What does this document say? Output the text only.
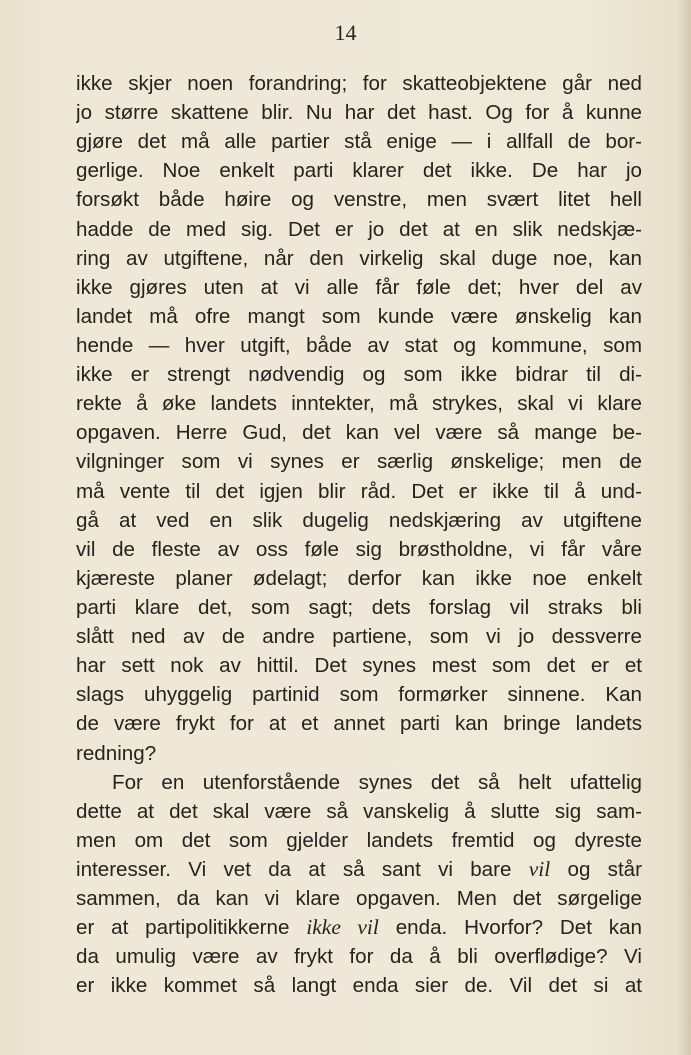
14
ikke skjer noen forandring; for skatteobjektene går ned
jo større skattene blir. Nu har det hast. Og for å kunne
gjøre det må alle partier stå enige — i allfall de bor-
gerlige. Noe enkelt parti klarer det ikke. De har jo
forsøkt både høire og venstre, men svært litet hell
hadde de med sig. Det er jo det at en slik nedskjæ-
ring av utgiftene, når den virkelig skal duge noe, kan
ikke gjøres uten at vi alle får føle det; hver del av
landet må ofre mangt som kunde være ønskelig kan
hende — hver utgift, både av stat og kommune, som
ikke er strengt nødvendig og som ikke bidrar til di-
rekte å øke landets inntekter, må strykes, skal vi klare
opgaven. Herre Gud, det kan vel være så mange be-
vilgninger som vi synes er særlig ønskelige; men de
må vente til det igjen blir råd. Det er ikke til å und-
gå at ved en slik dugelig nedskjæring av utgiftene
vil de fleste av oss føle sig brøstholdne, vi får våre
kjæreste planer ødelagt; derfor kan ikke noe enkelt
parti klare det, som sagt; dets forslag vil straks bli
slått ned av de andre partiene, som vi jo dessverre
har sett nok av hittil. Det synes mest som det er et
slags uhyggelig partinid som formørker sinnene. Kan
de være frykt for at et annet parti kan bringe landets
redning?
For en utenforstående synes det så helt ufattelig
dette at det skal være så vanskelig å slutte sig sam-
men om det som gjelder landets fremtid og dyreste
interesser. Vi vet da at så sant vi bare vil og står
sammen, da kan vi klare opgaven. Men det sørgelige
er at partipolitikkerne ikke vil enda. Hvorfor? Det kan
da umulig være av frykt for da å bli overflødige? Vi
er ikke kommet så langt enda sier de. Vil det si at
